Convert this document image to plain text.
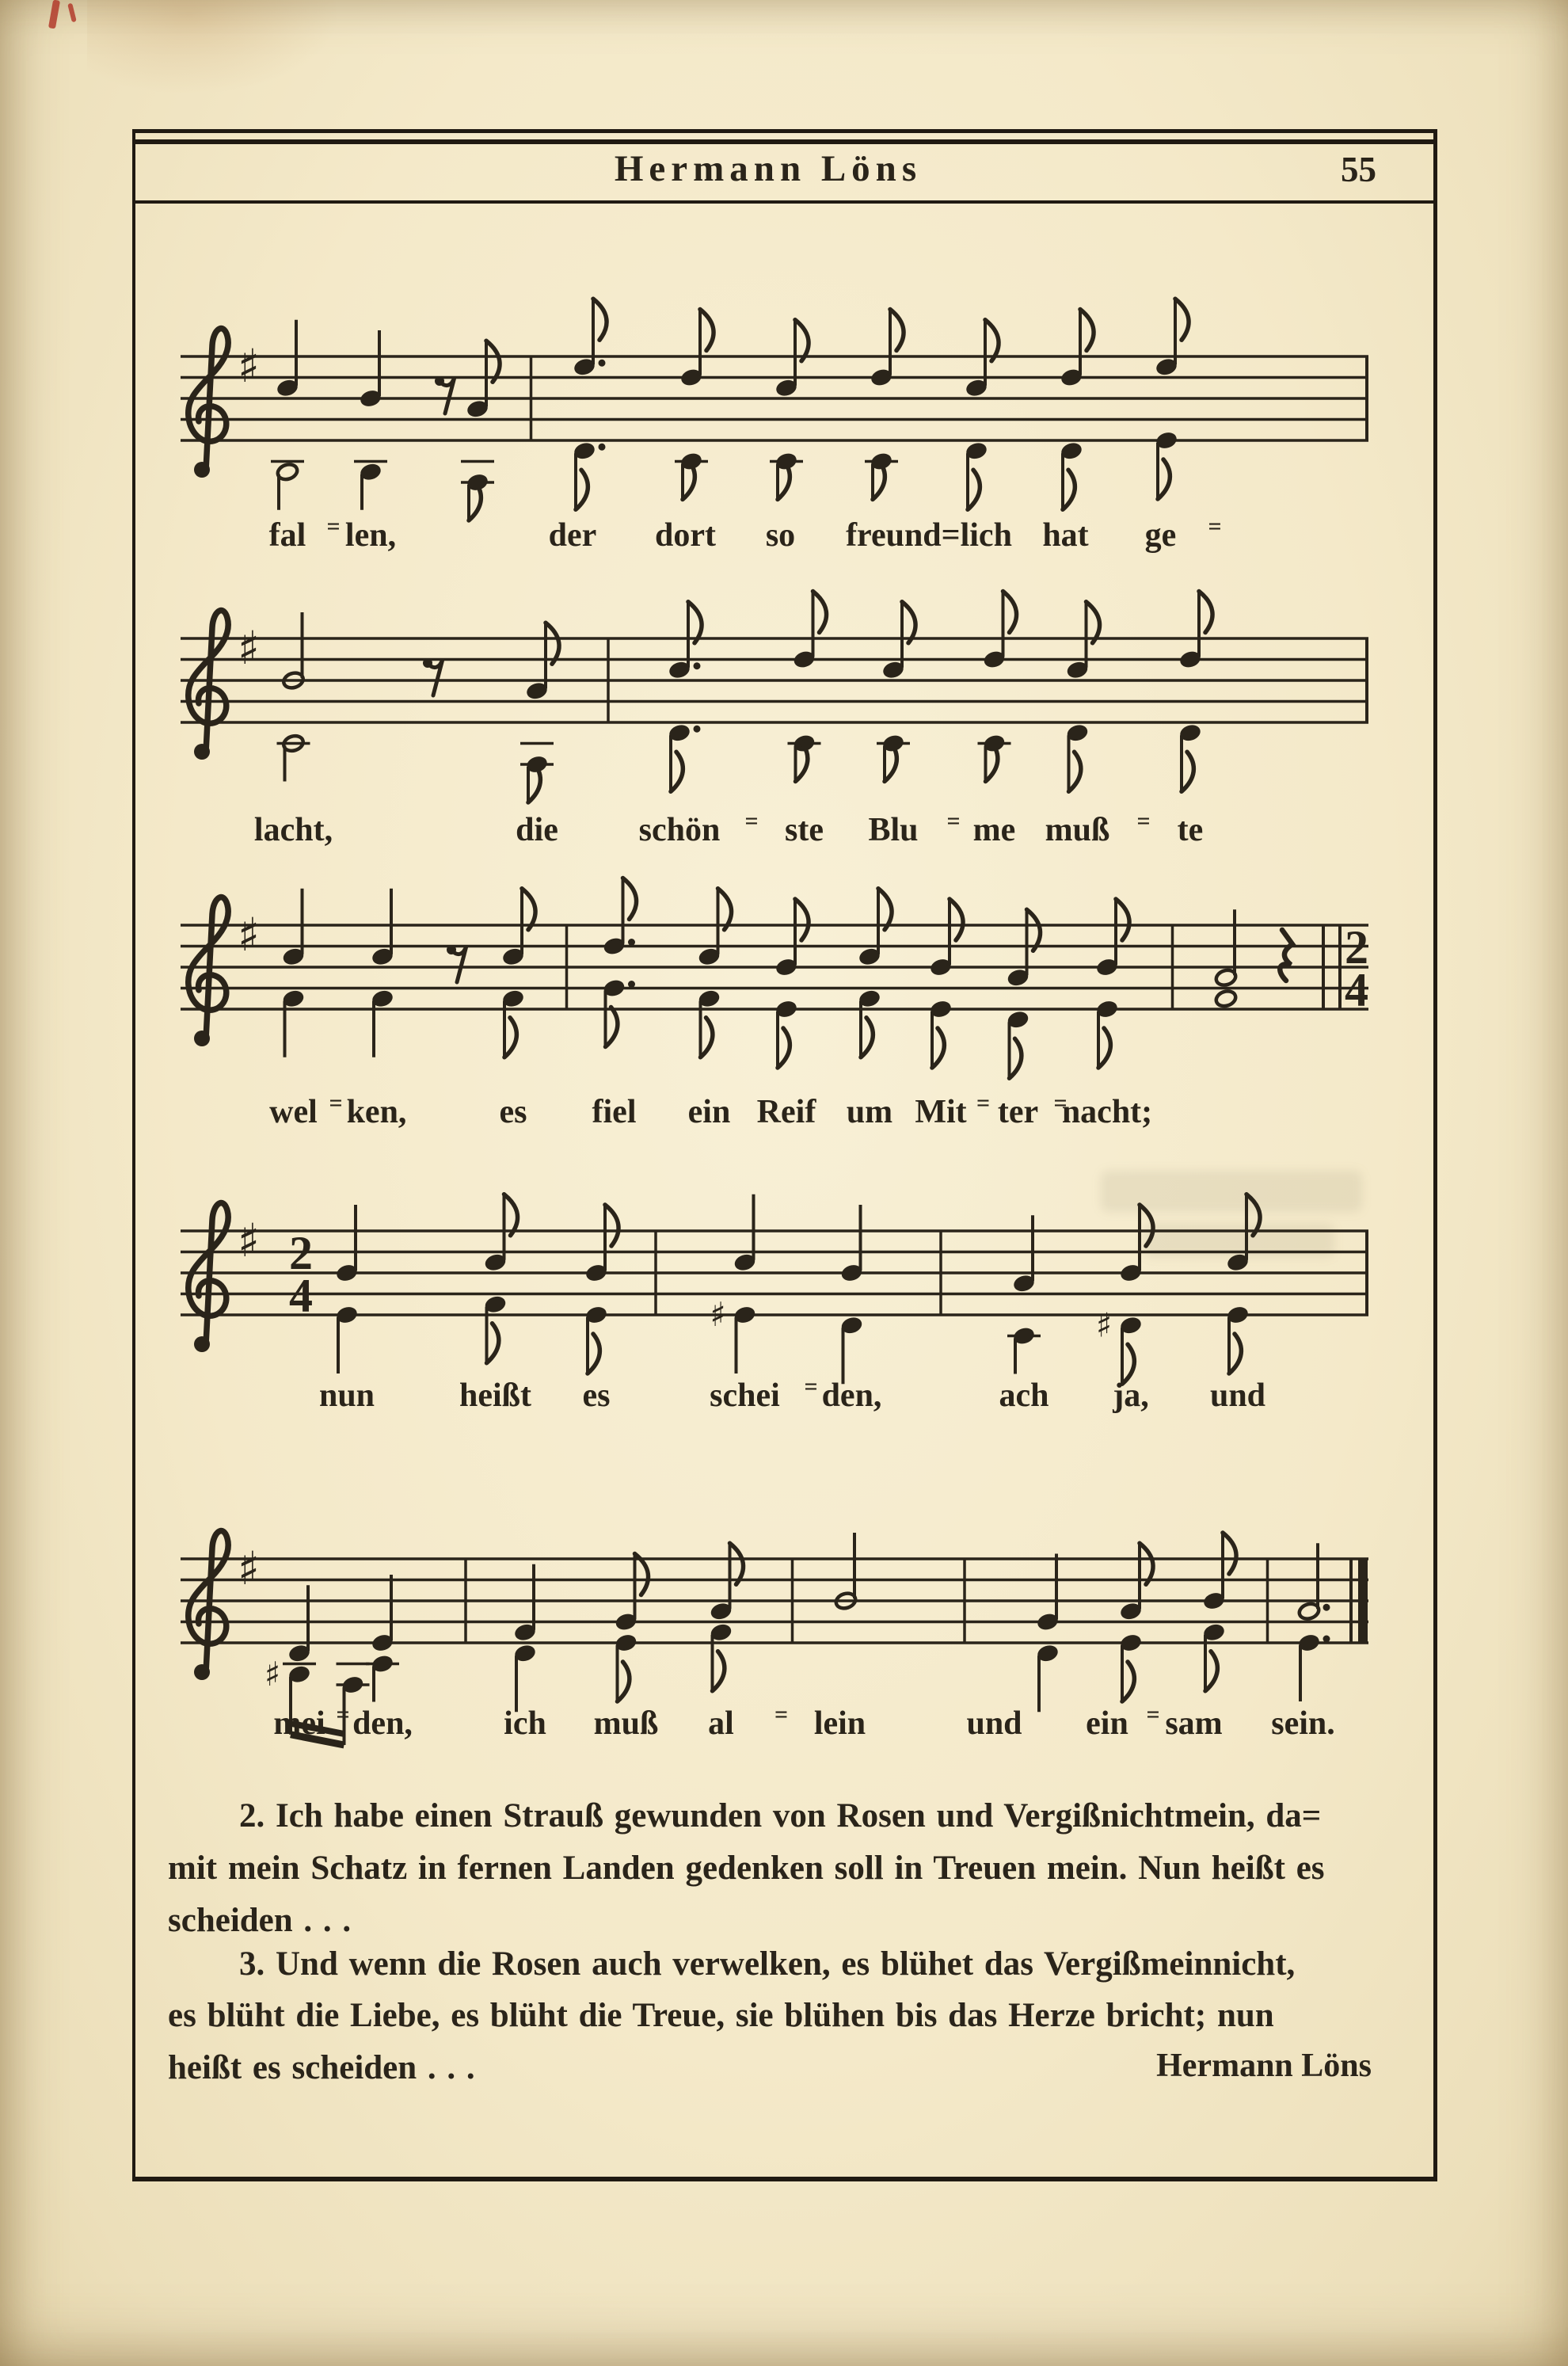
Hermann Löns	55
♯
♯
♯	2
4
♯ 2
4	♯	♯
♯
♯
fal = len,	der dort so freund=lich hat ge =
lacht,	die schön = ste Blu = me muß = te
wel = ken,	es fiel ein Reif um Mit = ter =
nacht;
nun	heißt es	schei = den,	ach ja, und
mei = den,	ich muß al = lein	und ein = sam sein.
2. Ich habe einen Strauß gewunden von Rosen und Vergißnichtmein, da=
mit mein Schatz in fernen Landen gedenken soll in Treuen mein. Nun heißt es
scheiden . . .
3. Und wenn die Rosen auch verwelken, es blühet das Vergißmeinnicht,
es blüht die Liebe, es blüht die Treue, sie blühen bis das Herze bricht; nun
heißt es scheiden . . .	Hermann Löns
